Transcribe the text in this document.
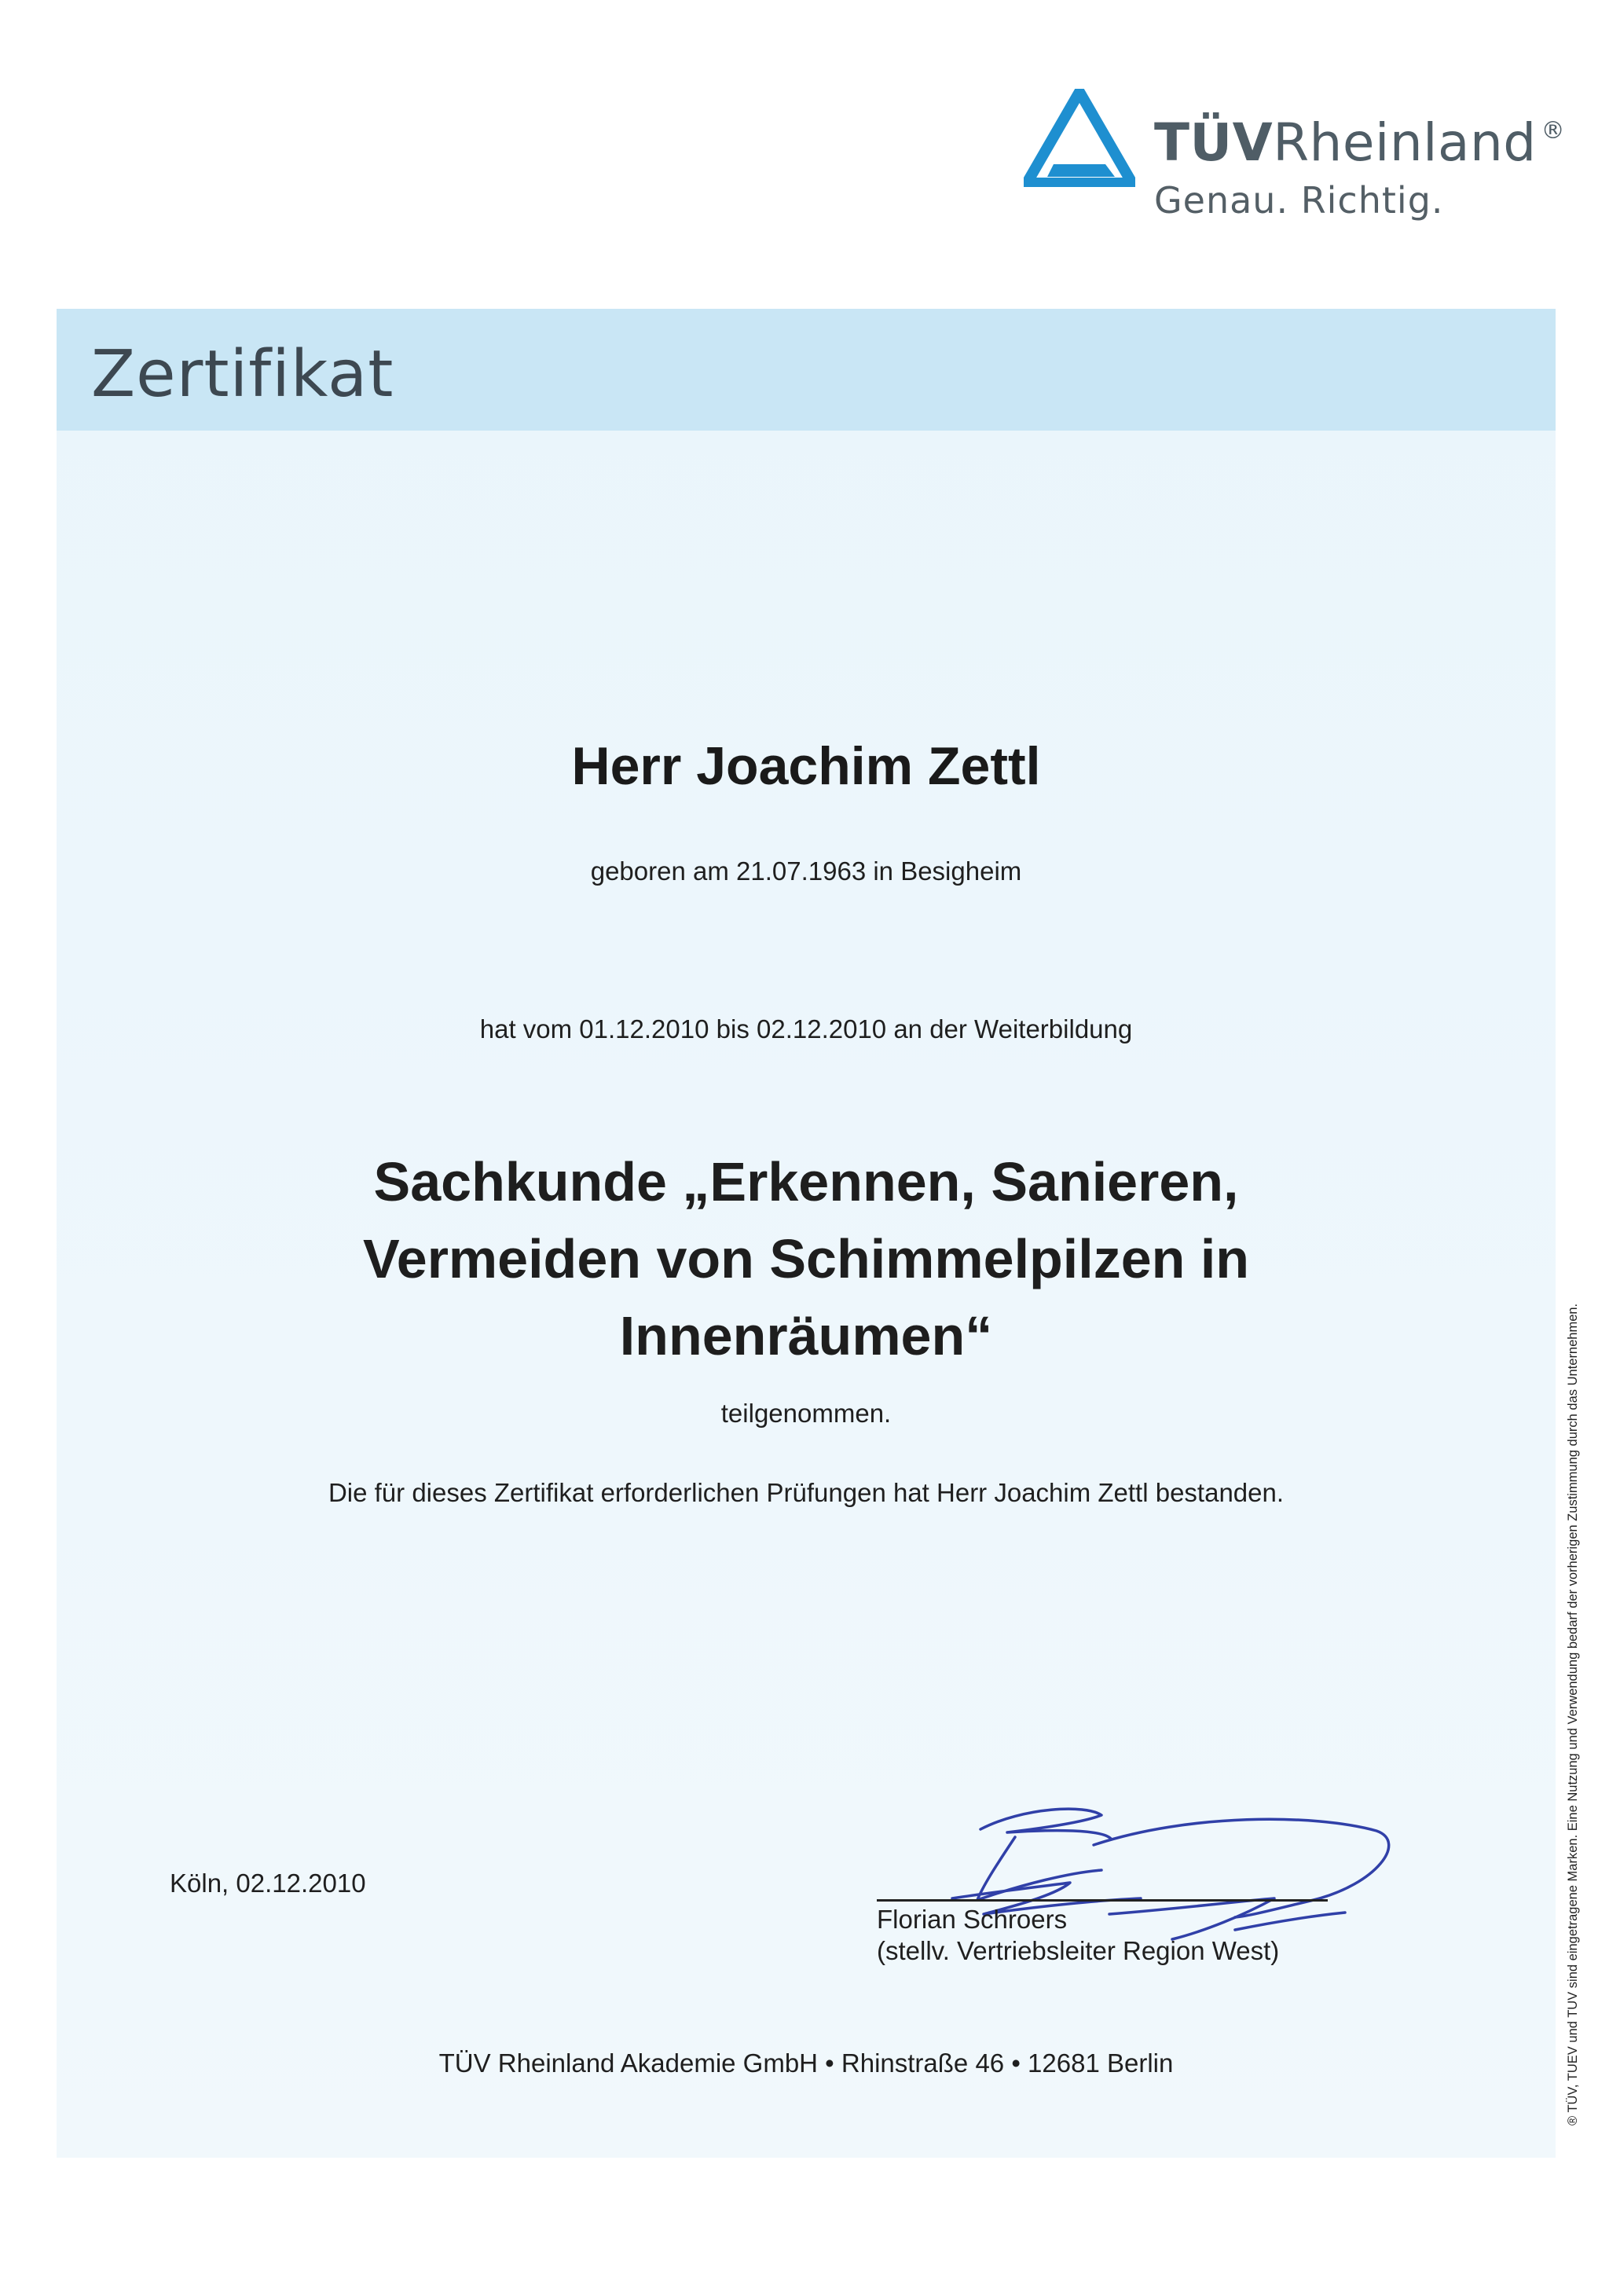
TÜVRheinland ®
Genau. Richtig.
Zertifikat
Herr Joachim Zettl
geboren am 21.07.1963 in Besigheim
hat vom 01.12.2010 bis 02.12.2010 an der Weiterbildung
Sachkunde „Erkennen, Sanieren,
Vermeiden von Schimmelpilzen in
Innenräumen“
teilgenommen.
Die für dieses Zertifikat erforderlichen Prüfungen hat Herr Joachim Zettl bestanden.
Köln, 02.12.2010
Florian Schroers
(stellv. Vertriebsleiter Region West)
TÜV Rheinland Akademie GmbH • Rhinstraße 46 • 12681 Berlin	® TÜV, TUEV und TUV sind eingetragene Marken. Eine Nutzung und Verwendung bedarf der vorherigen Zustimmung durch das Unternehmen.
